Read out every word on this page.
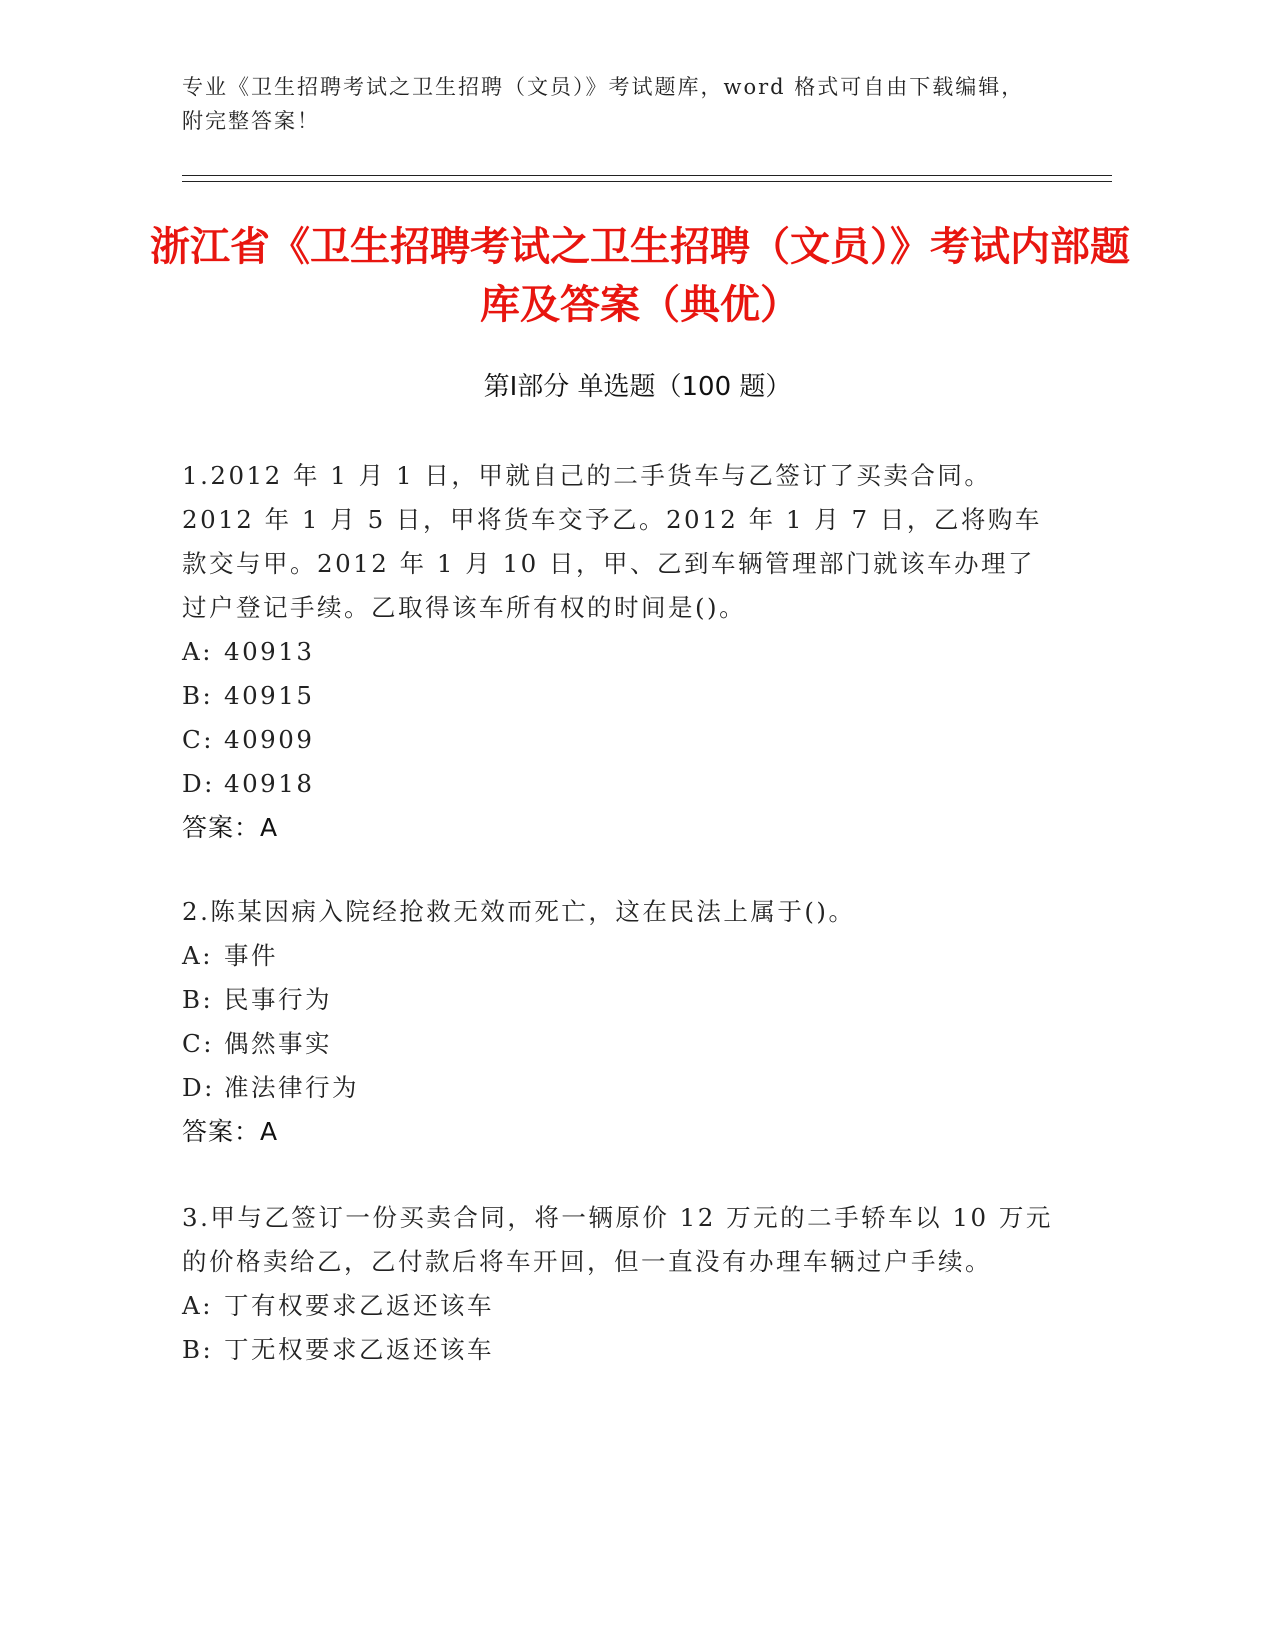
专业《卫生招聘考试之卫生招聘（文员）》考试题库，word 格式可自由下载编辑，附完整答案！
浙江省《卫生招聘考试之卫生招聘（文员）》考试内部题库及答案（典优）
第Ⅰ部分 单选题（100 题）

1.2012 年 1 月 1 日，甲就自己的二手货车与乙签订了买卖合同。2012 年 1 月 5 日，甲将货车交予乙。2012 年 1 月 7 日，乙将购车款交与甲。2012 年 1 月 10 日，甲、乙到车辆管理部门就该车办理了过户登记手续。乙取得该车所有权的时间是()。

A: 40913

B: 40915

C: 40909

D: 40918

答案：A

2.陈某因病入院经抢救无效而死亡，这在民法上属于()。

A: 事件

B: 民事行为

C: 偶然事实

D: 准法律行为

答案：A

3.甲与乙签订一份买卖合同，将一辆原价 12 万元的二手轿车以 10 万元的价格卖给乙，乙付款后将车开回，但一直没有办理车辆过户手续。

A: 丁有权要求乙返还该车

B: 丁无权要求乙返还该车
